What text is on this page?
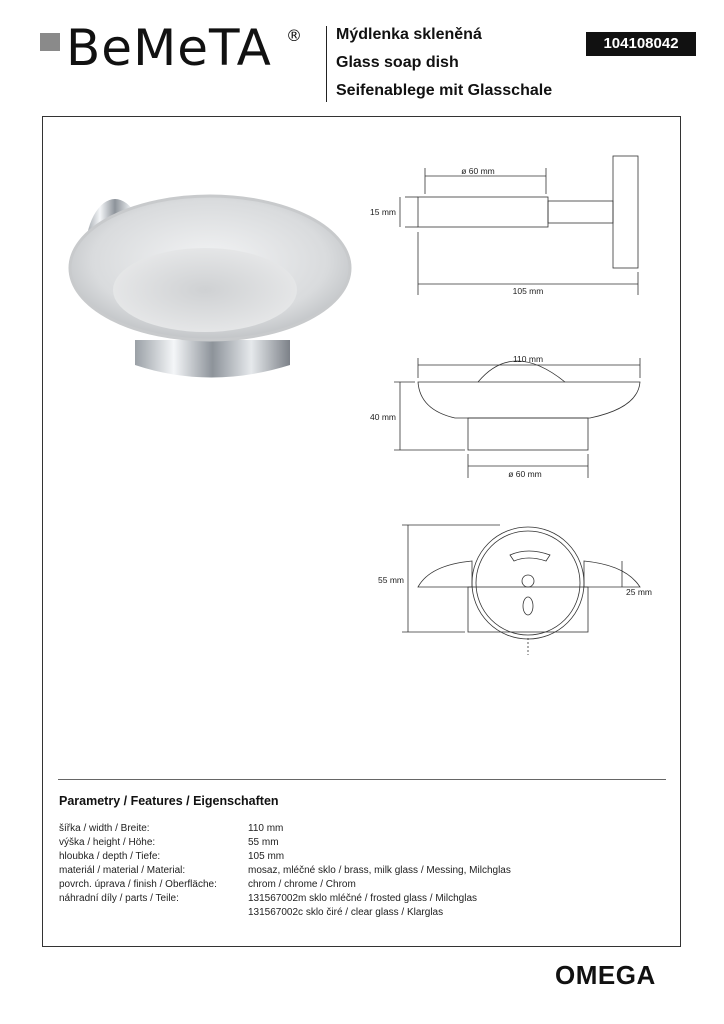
BeMeTA ® Mýdlenka skleněná
Glass soap dish
Seifenablege mit Glasschale
104108042
ø 60 mm
15 mm
105 mm
110 mm
40 mm
ø 60 mm
55 mm
25 mm
Parametry / Features / Eigenschaften
šířka / width / Breite:	110 mm
výška / height / Höhe:	55 mm
hloubka / depth / Tiefe:	105 mm
materiál / material / Material:	mosaz, mléčné sklo / brass, milk glass / Messing, Milchglas
povrch. úprava / finish / Oberfläche:	chrom / chrome / Chrom
náhradní díly / parts / Teile:	131567002m sklo mléčné / frosted glass / Milchglas
131567002c sklo čiré / clear glass / Klarglas
OMEGA
